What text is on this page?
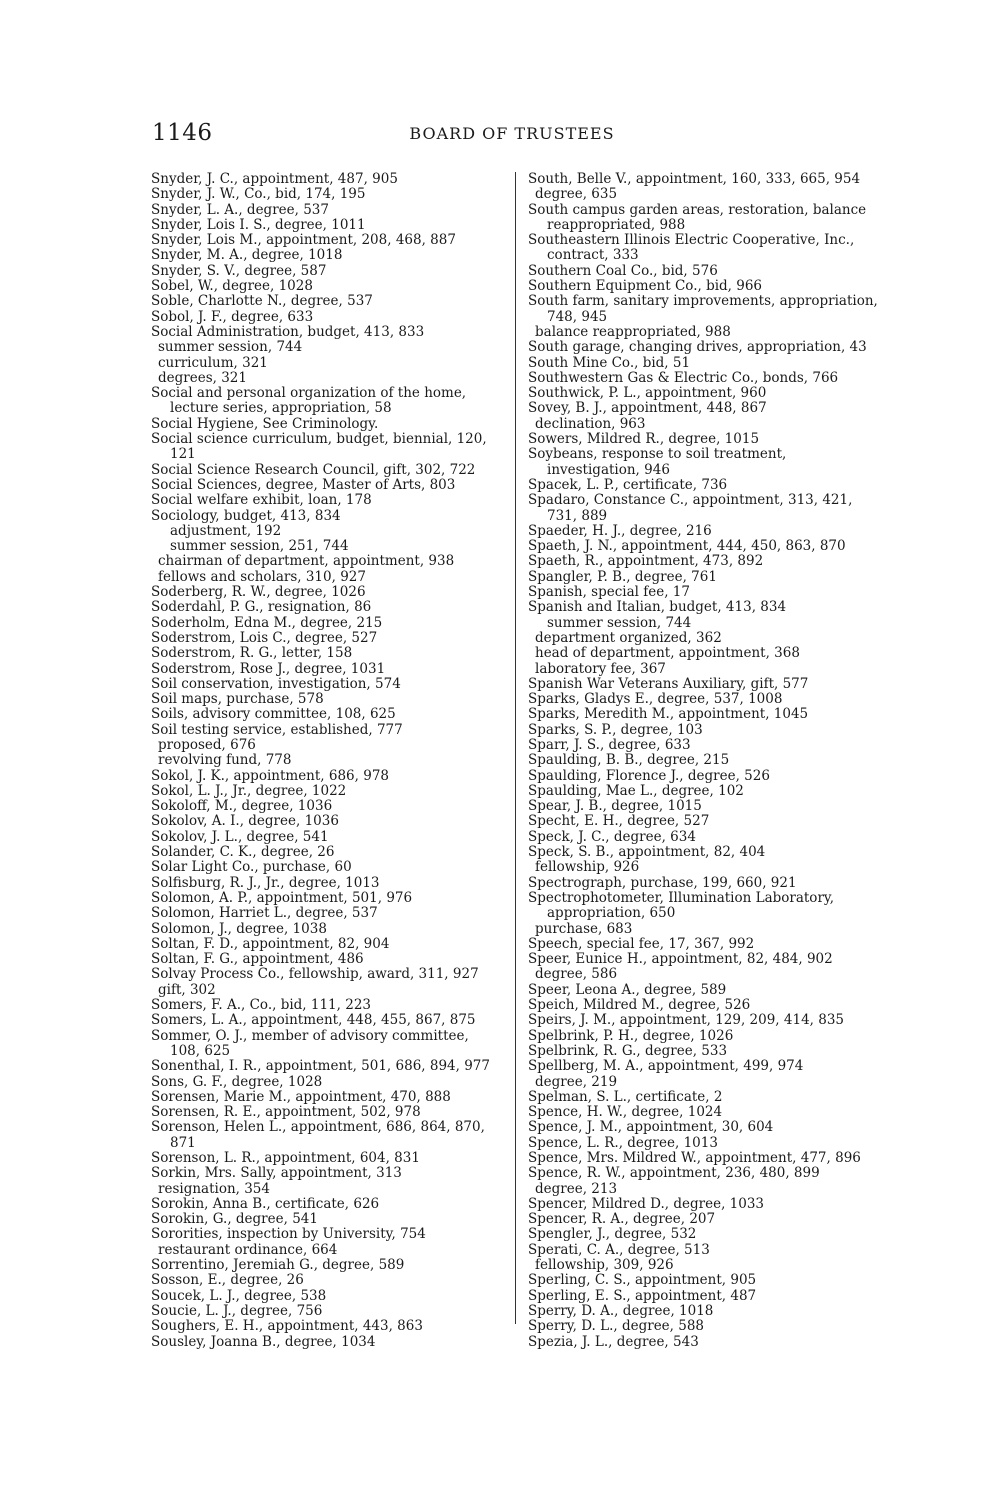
1146	BOARD OF TRUSTEES

Snyder, J. C., appointment, 487, 905

Snyder, J. W., Co., bid, 174, 195

Snyder, L. A., degree, 537

Snyder, Lois I. S., degree, 1011

Snyder, Lois M., appointment, 208, 468, 887

Snyder, M. A., degree, 1018

Snyder, S. V., degree, 587

Sobel, W., degree, 1028

Soble, Charlotte N., degree, 537

Sobol, J. F., degree, 633

Social Administration, budget, 413, 833

summer session, 744

curriculum, 321

degrees, 321

Social and personal organization of the home, lecture series, appropriation, 58

Social Hygiene, See Criminology.

Social science curriculum, budget, biennial, 120, 121

Social Science Research Council, gift, 302, 722

Social Sciences, degree, Master of Arts, 803

Social welfare exhibit, loan, 178

Sociology, budget, 413, 834

adjustment, 192

summer session, 251, 744

chairman of department, appointment, 938

fellows and scholars, 310, 927

Soderberg, R. W., degree, 1026

Soderdahl, P. G., resignation, 86

Soderholm, Edna M., degree, 215

Soderstrom, Lois C., degree, 527

Soderstrom, R. G., letter, 158

Soderstrom, Rose J., degree, 1031

Soil conservation, investigation, 574

Soil maps, purchase, 578

Soils, advisory committee, 108, 625

Soil testing service, established, 777

proposed, 676

revolving fund, 778

Sokol, J. K., appointment, 686, 978

Sokol, L. J., Jr., degree, 1022

Sokoloff, M., degree, 1036

Sokolov, A. I., degree, 1036

Sokolov, J. L., degree, 541

Solander, C. K., degree, 26

Solar Light Co., purchase, 60

Solfisburg, R. J., Jr., degree, 1013

Solomon, A. P., appointment, 501, 976

Solomon, Harriet L., degree, 537

Solomon, J., degree, 1038

Soltan, F. D., appointment, 82, 904

Soltan, F. G., appointment, 486

Solvay Process Co., fellowship, award, 311, 927

gift, 302

Somers, F. A., Co., bid, 111, 223

Somers, L. A., appointment, 448, 455, 867, 875

Sommer, O. J., member of advisory committee, 108, 625

Sonenthal, I. R., appointment, 501, 686, 894, 977

Sons, G. F., degree, 1028

Sorensen, Marie M., appointment, 470, 888

Sorensen, R. E., appointment, 502, 978

Sorenson, Helen L., appointment, 686, 864, 870, 871

Sorenson, L. R., appointment, 604, 831

Sorkin, Mrs. Sally, appointment, 313

resignation, 354

Sorokin, Anna B., certificate, 626

Sorokin, G., degree, 541

Sororities, inspection by University, 754

restaurant ordinance, 664

Sorrentino, Jeremiah G., degree, 589

Sosson, E., degree, 26

Soucek, L. J., degree, 538

Soucie, L. J., degree, 756

Soughers, E. H., appointment, 443, 863

Sousley, Joanna B., degree, 1034

South, Belle V., appointment, 160, 333, 665, 954

degree, 635

South campus garden areas, restoration, balance reappropriated, 988

Southeastern Illinois Electric Cooperative, Inc., contract, 333

Southern Coal Co., bid, 576

Southern Equipment Co., bid, 966

South farm, sanitary improvements, appropriation, 748, 945

balance reappropriated, 988

South garage, changing drives, appropriation, 43

South Mine Co., bid, 51

Southwestern Gas & Electric Co., bonds, 766

Southwick, P. L., appointment, 960

Sovey, B. J., appointment, 448, 867

declination, 963

Sowers, Mildred R., degree, 1015

Soybeans, response to soil treatment, investigation, 946

Spacek, L. P., certificate, 736

Spadaro, Constance C., appointment, 313, 421, 731, 889

Spaeder, H. J., degree, 216

Spaeth, J. N., appointment, 444, 450, 863, 870

Spaeth, R., appointment, 473, 892

Spangler, P. B., degree, 761

Spanish, special fee, 17

Spanish and Italian, budget, 413, 834

summer session, 744

department organized, 362

head of department, appointment, 368

laboratory fee, 367

Spanish War Veterans Auxiliary, gift, 577

Sparks, Gladys E., degree, 537, 1008

Sparks, Meredith M., appointment, 1045

Sparks, S. P., degree, 103

Sparr, J. S., degree, 633

Spaulding, B. B., degree, 215

Spaulding, Florence J., degree, 526

Spaulding, Mae L., degree, 102

Spear, J. B., degree, 1015

Specht, E. H., degree, 527

Speck, J. C., degree, 634

Speck, S. B., appointment, 82, 404

fellowship, 926

Spectrograph, purchase, 199, 660, 921

Spectrophotometer, Illumination Laboratory, appropriation, 650

purchase, 683

Speech, special fee, 17, 367, 992

Speer, Eunice H., appointment, 82, 484, 902

degree, 586

Speer, Leona A., degree, 589

Speich, Mildred M., degree, 526

Speirs, J. M., appointment, 129, 209, 414, 835

Spelbrink, P. H., degree, 1026

Spelbrink, R. G., degree, 533

Spellberg, M. A., appointment, 499, 974

degree, 219

Spelman, S. L., certificate, 2

Spence, H. W., degree, 1024

Spence, J. M., appointment, 30, 604

Spence, L. R., degree, 1013

Spence, Mrs. Mildred W., appointment, 477, 896

Spence, R. W., appointment, 236, 480, 899

degree, 213

Spencer, Mildred D., degree, 1033

Spencer, R. A., degree, 207

Spengler, J., degree, 532

Sperati, C. A., degree, 513

fellowship, 309, 926

Sperling, C. S., appointment, 905

Sperling, E. S., appointment, 487

Sperry, D. A., degree, 1018

Sperry, D. L., degree, 588

Spezia, J. L., degree, 543
